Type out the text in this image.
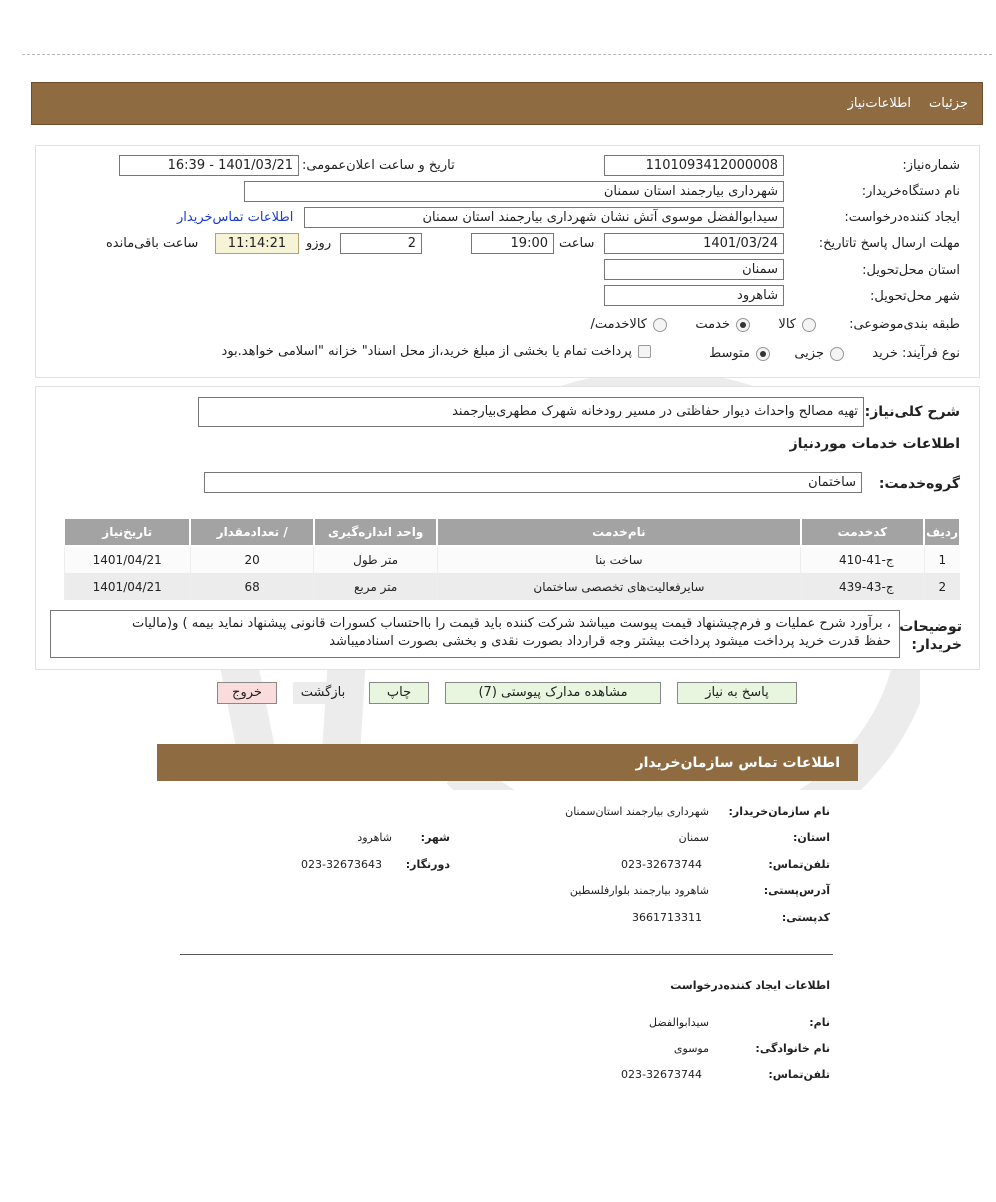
جزئیات
اطلاعات‌نیاز
شماره‌نیاز:
1101093412000008
تاریخ و ساعت اعلان‌عمومی:
1401/03/21 - 16:39
نام دستگاه‌خریدار:
شهرداری بیارجمند استان سمنان
ایجاد کننده‌درخواست:
سیدابوالفضل موسوی آتش نشان شهرداری بیارجمند استان سمنان
اطلاعات تماس‌خریدار
مهلت ارسال پاسخ تا‌تاریخ:
1401/03/24
ساعت
19:00
2
روزو
11:14:21
ساعت باقی‌مانده
استان محل‌تحویل:
سمنان
شهر محل‌تحویل:
شاهرود
طبقه بندی‌موضوعی:
کالا
خدمت
کالا‌خدمت/
نوع فرآیند: خرید
جزیی
متوسط
پرداخت تمام یا بخشی از مبلغ خرید،از محل اسناد" خزانه "اسلامی خواهد.بود
شرح کلی‌نیاز:
تهیه مصالح واحداث دیوار حفاظتی در مسیر رودخانه شهرک مطهری‌بیارجمند
اطلاعات خدمات موردنیاز
گروه‌خدمت:
ساختمان
ردیف	کدخدمت	نام‌خدمت	واحد اندازه‌گیری	/ تعدادمقدار	تاریخ‌نیاز
1	ج-41-410	ساخت بنا	متر طول	20	1401/04/21
2	ج-43-439	سایرفعالیت‌های تخصصی ساختمان	متر مربع	68	1401/04/21
توضیحات خریدار:
، برآورد شرح عملیات و فرم‌چیشنهاد قیمت پیوست میباشد شرکت کننده باید قیمت را بااحتساب کسورات قانونی پیشنهاد نماید بیمه ) و(مالیات
حفظ قدرت خرید پرداخت میشود پرداخت بیشتر وجه قرارداد بصورت نقدی و بخشی بصورت اسنادمیباشد
پاسخ به نیاز
مشاهده مدارک پیوستی (7)
چاپ
بازگشت
خروج
اطلاعات تماس سازمان‌خریدار
نام سازمان‌خریدار:
شهرداری بیارجمند استان‌سمنان
استان:
سمنان
شهر:
شاهرود
تلفن‌تماس:
023-32673744
دورنگار:
023-32673643
آدرس‌پستی:
شاهرود بیارجمند بلوارفلسطین
کد‌پستی:
3661713311
اطلاعات ایجاد کننده‌درخواست
نام:
سیدابوالفضل
نام خانوادگی:
موسوی
تلفن‌تماس:
023-32673744
